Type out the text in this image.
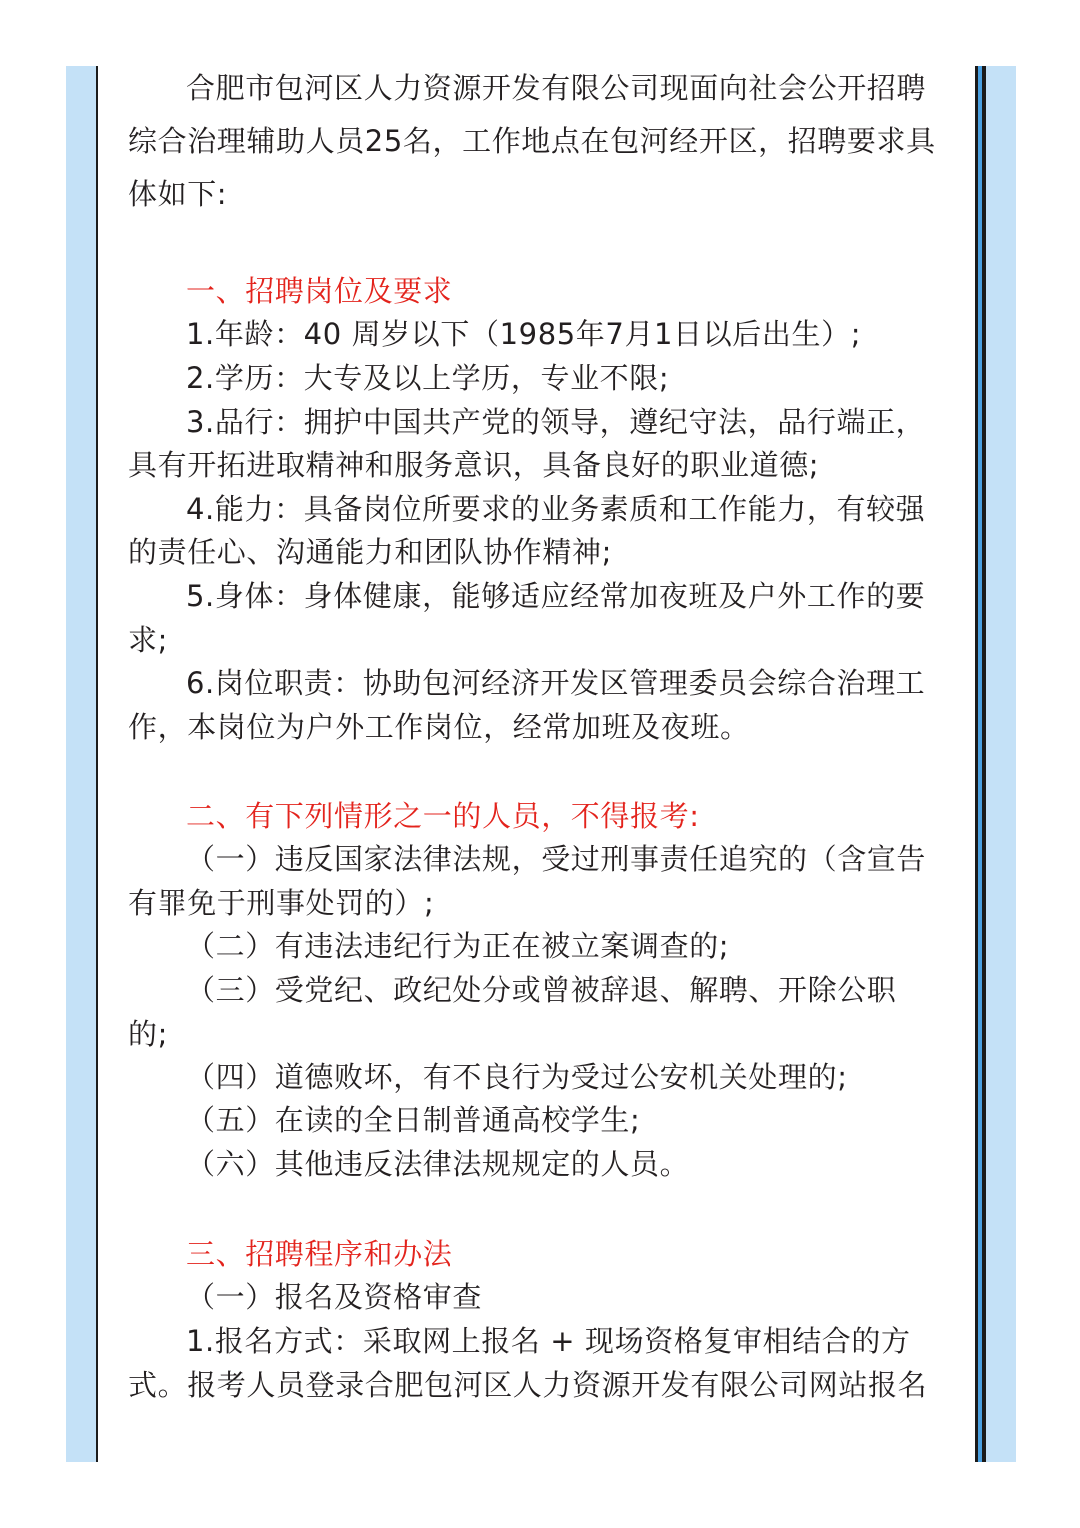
合肥市包河区人力资源开发有限公司现面向社会公开招聘
综合治理辅助人员25名，工作地点在包河经开区，招聘要求具
体如下:
一、招聘岗位及要求
1.年龄：40 周岁以下（1985年7月1日以后出生）;
2.学历：大专及以上学历，专业不限;
3.品行：拥护中国共产党的领导，遵纪守法，品行端正，
具有开拓进取精神和服务意识，具备良好的职业道德;
4.能力：具备岗位所要求的业务素质和工作能力，有较强
的责任心、沟通能力和团队协作精神;
5.身体：身体健康，能够适应经常加夜班及户外工作的要
求;
6.岗位职责：协助包河经济开发区管理委员会综合治理工
作，本岗位为户外工作岗位，经常加班及夜班。
二、有下列情形之一的人员，不得报考:
（一）违反国家法律法规，受过刑事责任追究的（含宣告
有罪免于刑事处罚的）;
（二）有违法违纪行为正在被立案调查的;
（三）受党纪、政纪处分或曾被辞退、解聘、开除公职
的;
（四）道德败坏，有不良行为受过公安机关处理的;
（五）在读的全日制普通高校学生;
（六）其他违反法律法规规定的人员。
三、招聘程序和办法
（一）报名及资格审查
1.报名方式：采取网上报名 + 现场资格复审相结合的方
式。报考人员登录合肥包河区人力资源开发有限公司网站报名
